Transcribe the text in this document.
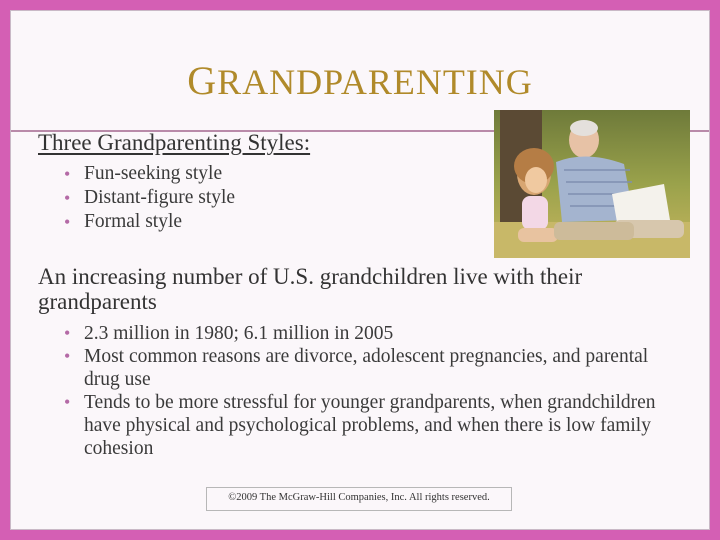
GRANDPARENTING
Three Grandparenting Styles:
• Fun-seeking style
• Distant-figure style
• Formal style
An increasing number of U.S. grandchildren live with their grandparents
• 2.3 million in 1980; 6.1 million in 2005
• Most common reasons are divorce, adolescent pregnancies, and parental drug use
• Tends to be more stressful for younger grandparents, when grandchildren have physical and psychological problems, and when there is low family cohesion
©2009 The McGraw-Hill Companies, Inc. All rights reserved.
